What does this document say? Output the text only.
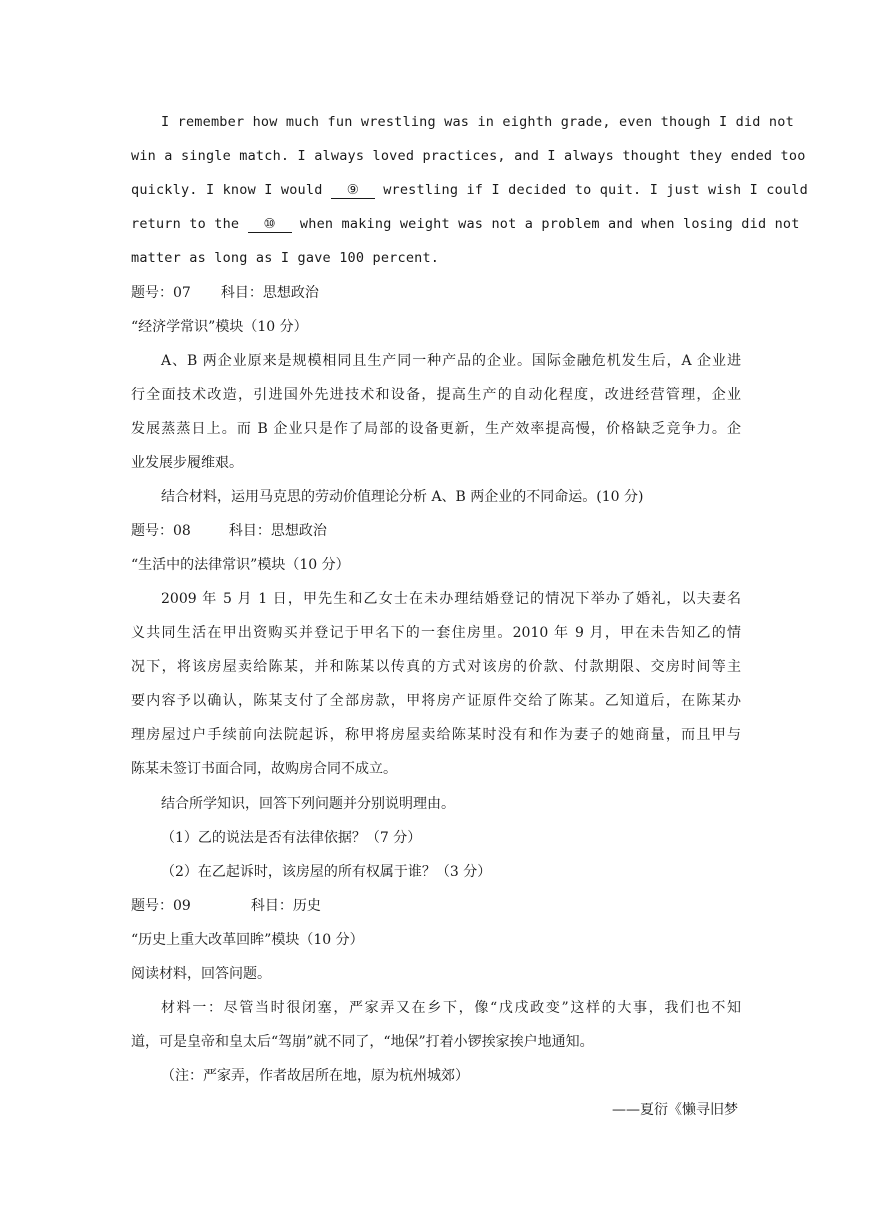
I remember how much fun wrestling was in eighth grade, even though I did not
win a single match. I always loved practices, and I always thought they ended too
quickly. I know I would ⑨ wrestling if I decided to quit. I just wish I could
return to the ⑩ when making weight was not a problem and when losing did not
matter as long as I gave 100 percent.
题号：07 科目：思想政治
“经济学常识”模块（10 分）
A、B 两企业原来是规模相同且生产同一种产品的企业。国际金融危机发生后，A 企业进
行全面技术改造，引进国外先进技术和设备，提高生产的自动化程度，改进经营管理，企业
发展蒸蒸日上。而 B 企业只是作了局部的设备更新，生产效率提高慢，价格缺乏竞争力。企
业发展步履维艰。
结合材料，运用马克思的劳动价值理论分析 A、B 两企业的不同命运。(10 分)
题号：08	科目：思想政治
“生活中的法律常识”模块（10 分）
2009 年 5 月 1 日，甲先生和乙女士在未办理结婚登记的情况下举办了婚礼，以夫妻名
义共同生活在甲出资购买并登记于甲名下的一套住房里。2010 年 9 月，甲在未告知乙的情
况下，将该房屋卖给陈某，并和陈某以传真的方式对该房的价款、付款期限、交房时间等主
要内容予以确认，陈某支付了全部房款，甲将房产证原件交给了陈某。乙知道后，在陈某办
理房屋过户手续前向法院起诉，称甲将房屋卖给陈某时没有和作为妻子的她商量，而且甲与
陈某未签订书面合同，故购房合同不成立。
结合所学知识，回答下列问题并分别说明理由。
（1）乙的说法是否有法律依据？（7 分）
（2）在乙起诉时，该房屋的所有权属于谁？（3 分）
题号：09	科目：历史
“历史上重大改革回眸”模块（10 分）
阅读材料，回答问题。
材料一：尽管当时很闭塞，严家弄又在乡下，像“戊戌政变”这样的大事，我们也不知
道，可是皇帝和皇太后“驾崩”就不同了，“地保”打着小锣挨家挨户地通知。
（注：严家弄，作者故居所在地，原为杭州城郊）
——夏衍《懒寻旧梦
